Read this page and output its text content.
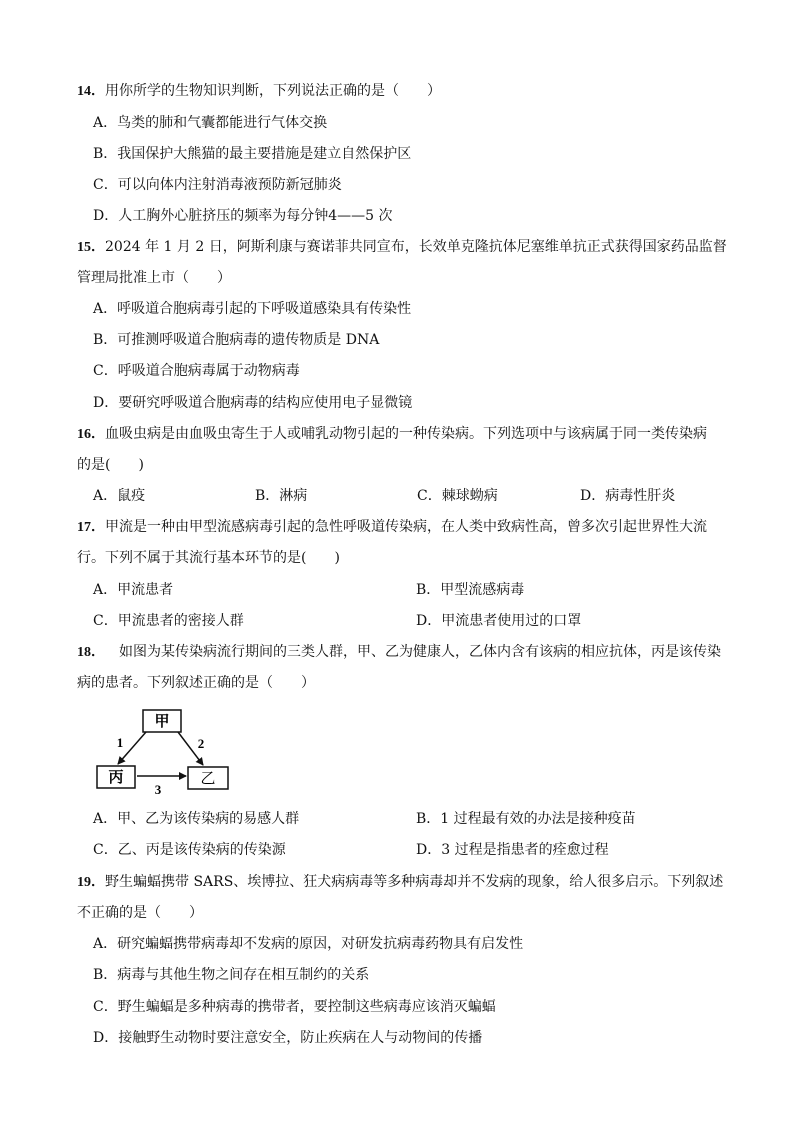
14．用你所学的生物知识判断，下列说法正确的是（　　）
A．鸟类的肺和气囊都能进行气体交换
B．我国保护大熊猫的最主要措施是建立自然保护区
C．可以向体内注射消毒液预防新冠肺炎
D．人工胸外心脏挤压的频率为每分钟4——5 次
15．2024 年 1 月 2 日，阿斯利康与赛诺菲共同宣布，长效单克隆抗体尼塞维单抗正式获得国家药品监督
管理局批准上市（　　）
A．呼吸道合胞病毒引起的下呼吸道感染具有传染性
B．可推测呼吸道合胞病毒的遗传物质是 DNA
C．呼吸道合胞病毒属于动物病毒
D．要研究呼吸道合胞病毒的结构应使用电子显微镜
16．血吸虫病是由血吸虫寄生于人或哺乳动物引起的一种传染病。下列选项中与该病属于同一类传染病
的是(　　)
A．鼠疫	B．淋病	C．棘球蚴病	D．病毒性肝炎
17．甲流是一种由甲型流感病毒引起的急性呼吸道传染病，在人类中致病性高，曾多次引起世界性大流
行。下列不属于其流行基本环节的是(　　)
A．甲流患者	B．甲型流感病毒
C．甲流患者的密接人群	D．甲流患者使用过的口罩
18． 如图为某传染病流行期间的三类人群，甲、乙为健康人，乙体内含有该病的相应抗体，丙是该传染
病的患者。下列叙述正确的是（　　）
甲
丙	乙
1	2
3
A．甲、乙为该传染病的易感人群	B．1 过程最有效的办法是接种疫苗
C．乙、丙是该传染病的传染源	D．3 过程是指患者的痊愈过程
19．野生蝙蝠携带 SARS、埃博拉、狂犬病病毒等多种病毒却并不发病的现象，给人很多启示。下列叙述
不正确的是（　　）
A．研究蝙蝠携带病毒却不发病的原因，对研发抗病毒药物具有启发性
B．病毒与其他生物之间存在相互制约的关系
C．野生蝙蝠是多种病毒的携带者，要控制这些病毒应该消灭蝙蝠
D．接触野生动物时要注意安全，防止疾病在人与动物间的传播
